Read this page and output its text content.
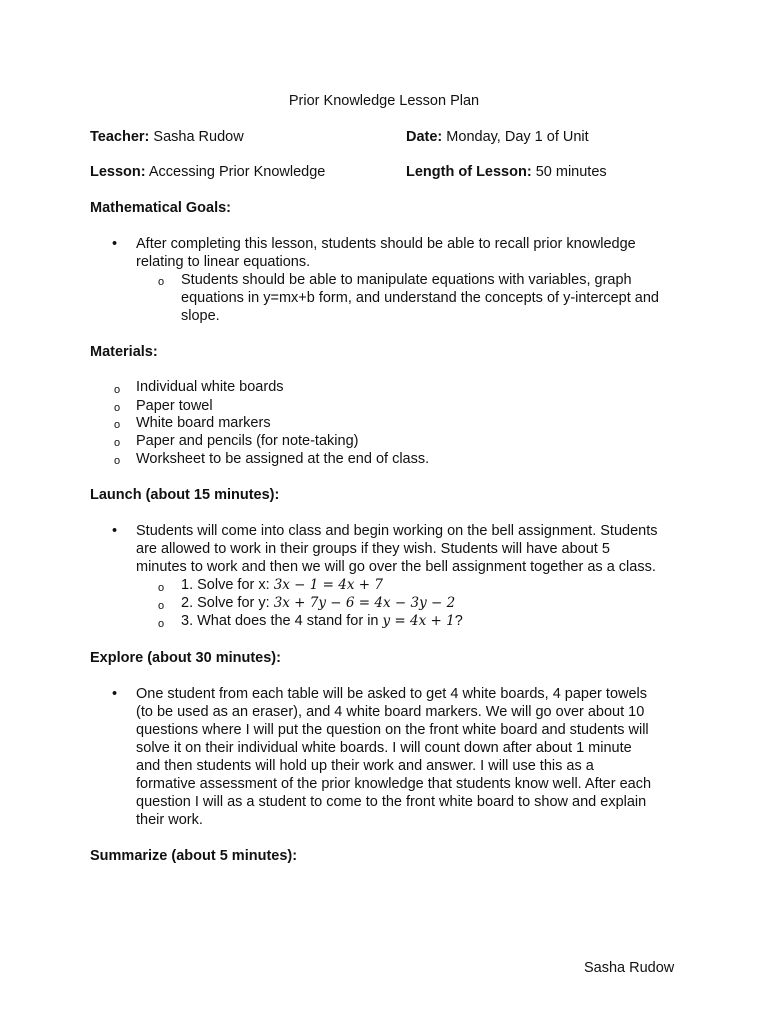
Prior Knowledge Lesson Plan
Teacher: Sasha Rudow	Date: Monday, Day 1 of Unit
Lesson: Accessing Prior Knowledge	Length of Lesson: 50 minutes
Mathematical Goals:
• After completing this lesson, students should be able to recall prior knowledge
relating to linear equations.
o Students should be able to manipulate equations with variables, graph
equations in y=mx+b form, and understand the concepts of y-intercept and
slope.
Materials:
o Individual white boards
o Paper towel
o White board markers
o Paper and pencils (for note-taking)
o Worksheet to be assigned at the end of class.
Launch (about 15 minutes):
• Students will come into class and begin working on the bell assignment. Students
are allowed to work in their groups if they wish. Students will have about 5
minutes to work and then we will go over the bell assignment together as a class.
o 1. Solve for x: 3x − 1 = 4x + 7
o 2. Solve for y: 3x + 7y − 6 = 4x − 3y − 2
o 3. What does the 4 stand for in y = 4x + 1?
Explore (about 30 minutes):
• One student from each table will be asked to get 4 white boards, 4 paper towels
(to be used as an eraser), and 4 white board markers. We will go over about 10
questions where I will put the question on the front white board and students will
solve it on their individual white boards. I will count down after about 1 minute
and then students will hold up their work and answer. I will use this as a
formative assessment of the prior knowledge that students know well. After each
question I will as a student to come to the front white board to show and explain
their work.
Summarize (about 5 minutes):
Sasha Rudow
